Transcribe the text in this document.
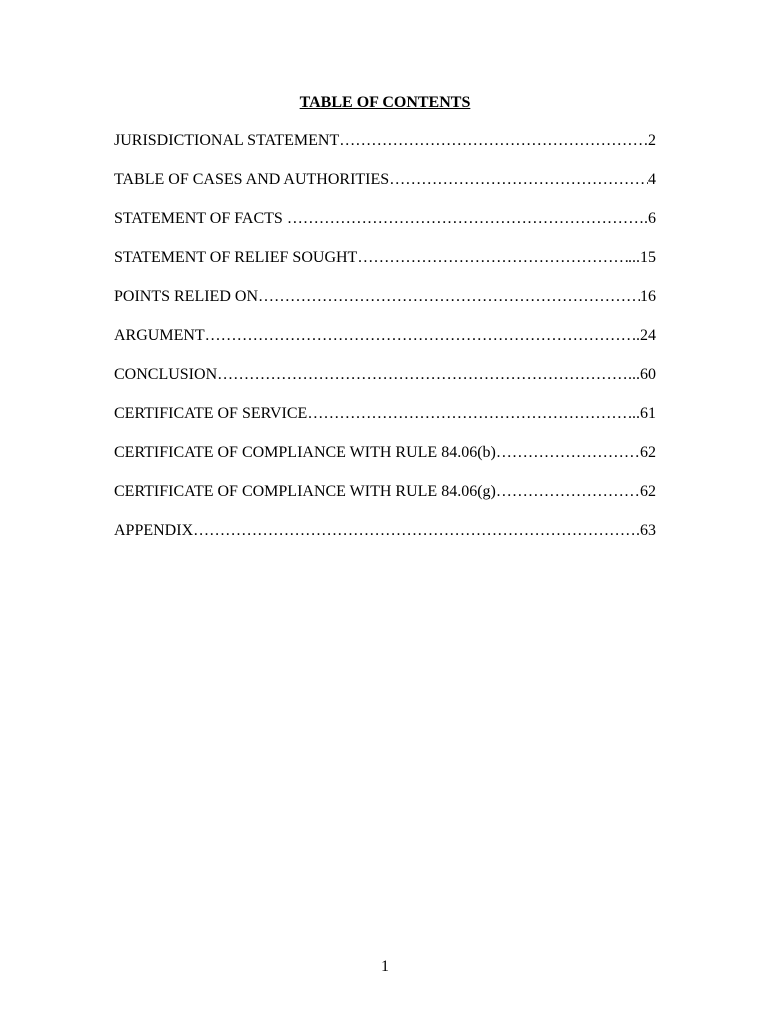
TABLE OF CONTENTS
JURISDICTIONAL STATEMENT ……………………………………………………………………………………………………………………………………………………………………	2
TABLE OF CASES AND AUTHORITIES ……………………………………………………………………………………………………………………………………………………………………	4
STATEMENT OF FACTS ……………………………………………………………………………………………………………………………………………………………………	.6
STATEMENT OF RELIEF SOUGHT ……………………………………………………………………………………………………………………………………………………………………	...15
POINTS RELIED ON ……………………………………………………………………………………………………………………………………………………………………	16
ARGUMENT ……………………………………………………………………………………………………………………………………………………………………	..24
CONCLUSION ……………………………………………………………………………………………………………………………………………………………………	...60
CERTIFICATE OF SERVICE ……………………………………………………………………………………………………………………………………………………………………	...61
CERTIFICATE OF COMPLIANCE WITH RULE 84.06(b) ……………………………………………………………………………………………………………………………………………………………………	62
CERTIFICATE OF COMPLIANCE WITH RULE 84.06(g) ……………………………………………………………………………………………………………………………………………………………………	62
APPENDIX ……………………………………………………………………………………………………………………………………………………………………	.63
1
